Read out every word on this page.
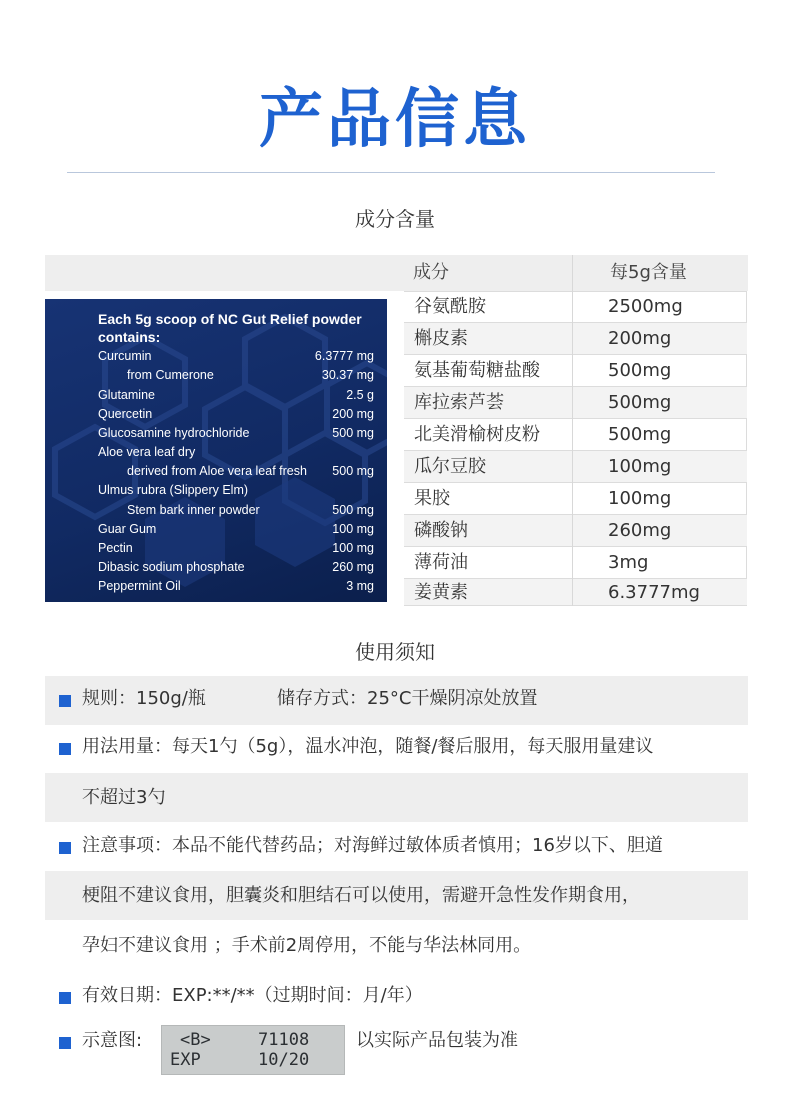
产品信息
成分含量
成分	每5g含量
谷氨酰胺	2500mg
槲皮素	200mg
氨基葡萄糖盐酸	500mg
库拉索芦荟	500mg
北美滑榆树皮粉	500mg
瓜尔豆胶	100mg
果胶	100mg
磷酸钠	260mg
薄荷油	3mg
姜黄素	6.3777mg
Each 5g scoop of NC Gut Relief powder
contains:
Curcumin	6.3777 mg
from Cumerone	30.37 mg
Glutamine	2.5 g
Quercetin	200 mg
Glucosamine hydrochloride	500 mg
Aloe vera leaf dry
derived from Aloe vera leaf fresh 500 mg
Ulmus rubra (Slippery Elm)
Stem bark inner powder	500 mg
Guar Gum	100 mg
Pectin	100 mg
Dibasic sodium phosphate	260 mg
Peppermint Oil	3 mg
使用须知
规则：150g/瓶	储存方式：25°C干燥阴凉处放置
用法用量：每天1勺（5g），温水冲泡，随餐/餐后服用，每天服用量建议
不超过3勺
注意事项：本品不能代替药品；对海鲜过敏体质者慎用；16岁以下、胆道
梗阻不建议食用，胆囊炎和胆结石可以使用，需避开急性发作期食用，
孕妇不建议食用 ；手术前2周停用，不能与华法林同用。
有效日期：EXP:**/**（过期时间：月/年）
示意图: <B>	71108
EXP	10/20
以实际产品包装为准
